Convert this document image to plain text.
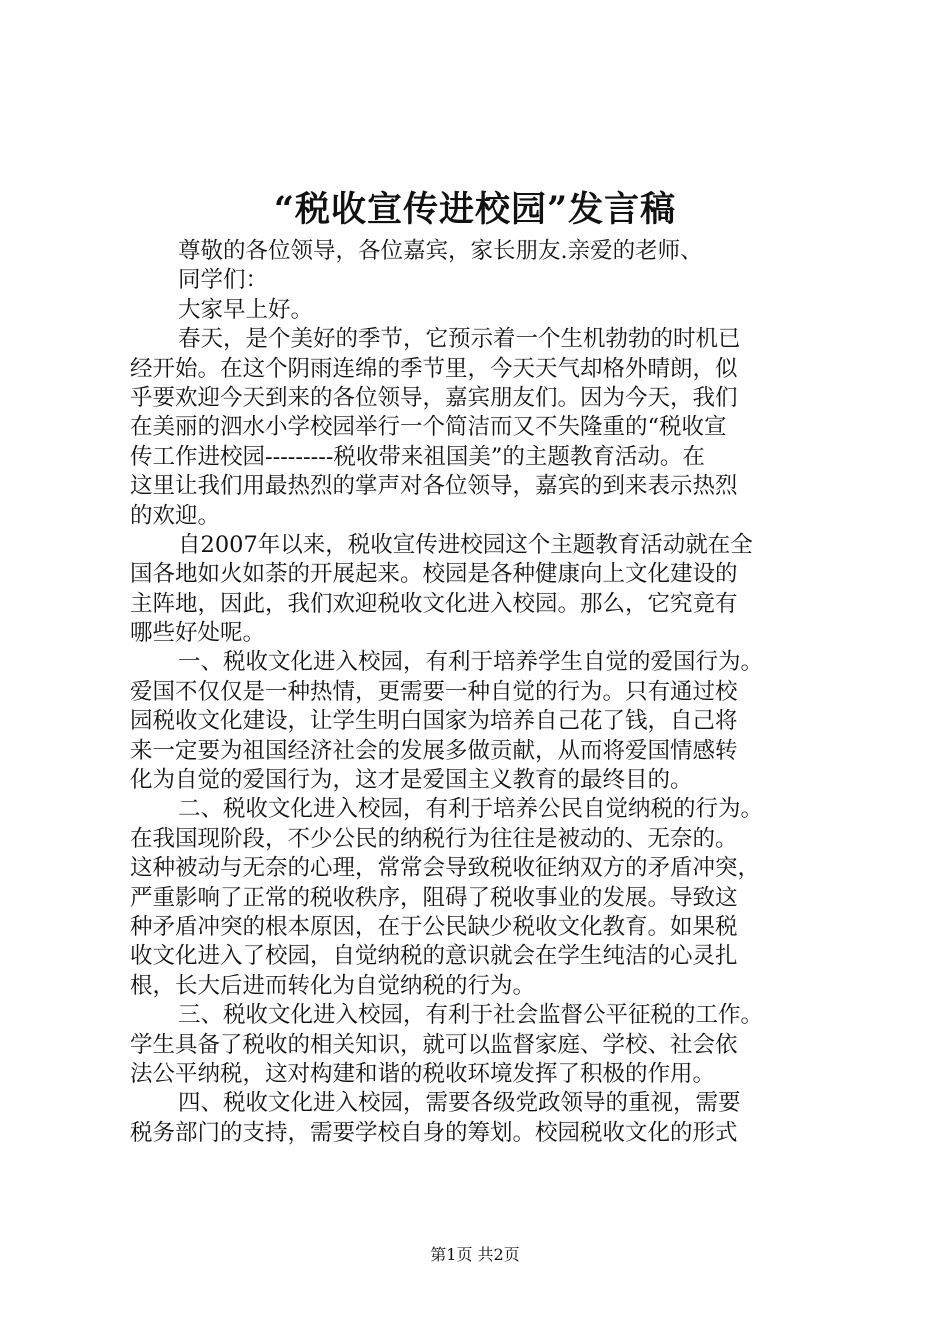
“税收宣传进校园”发言稿
尊敬的各位领导，各位嘉宾，家长朋友.亲爱的老师、
同学们：
大家早上好。
春天，是个美好的季节，它预示着一个生机勃勃的时机已
经开始。在这个阴雨连绵的季节里，今天天气却格外晴朗，似
乎要欢迎今天到来的各位领导，嘉宾朋友们。因为今天，我们
在美丽的泗水小学校园举行一个简洁而又不失隆重的“税收宣
传工作进校园---------税收带来祖国美”的主题教育活动。在
这里让我们用最热烈的掌声对各位领导，嘉宾的到来表示热烈
的欢迎。
自2007年以来，税收宣传进校园这个主题教育活动就在全
国各地如火如荼的开展起来。校园是各种健康向上文化建设的
主阵地，因此，我们欢迎税收文化进入校园。那么，它究竟有
哪些好处呢。
一、税收文化进入校园，有利于培养学生自觉的爱国行为。
爱国不仅仅是一种热情，更需要一种自觉的行为。只有通过校
园税收文化建设，让学生明白国家为培养自己花了钱，自己将
来一定要为祖国经济社会的发展多做贡献，从而将爱国情感转
化为自觉的爱国行为，这才是爱国主义教育的最终目的。
二、税收文化进入校园，有利于培养公民自觉纳税的行为。
在我国现阶段，不少公民的纳税行为往往是被动的、无奈的。
这种被动与无奈的心理，常常会导致税收征纳双方的矛盾冲突，
严重影响了正常的税收秩序，阻碍了税收事业的发展。导致这
种矛盾冲突的根本原因，在于公民缺少税收文化教育。如果税
收文化进入了校园，自觉纳税的意识就会在学生纯洁的心灵扎
根，长大后进而转化为自觉纳税的行为。
三、税收文化进入校园，有利于社会监督公平征税的工作。
学生具备了税收的相关知识，就可以监督家庭、学校、社会依
法公平纳税，这对构建和谐的税收环境发挥了积极的作用。
四、税收文化进入校园，需要各级党政领导的重视，需要
税务部门的支持，需要学校自身的筹划。校园税收文化的形式
第1页 共2页
